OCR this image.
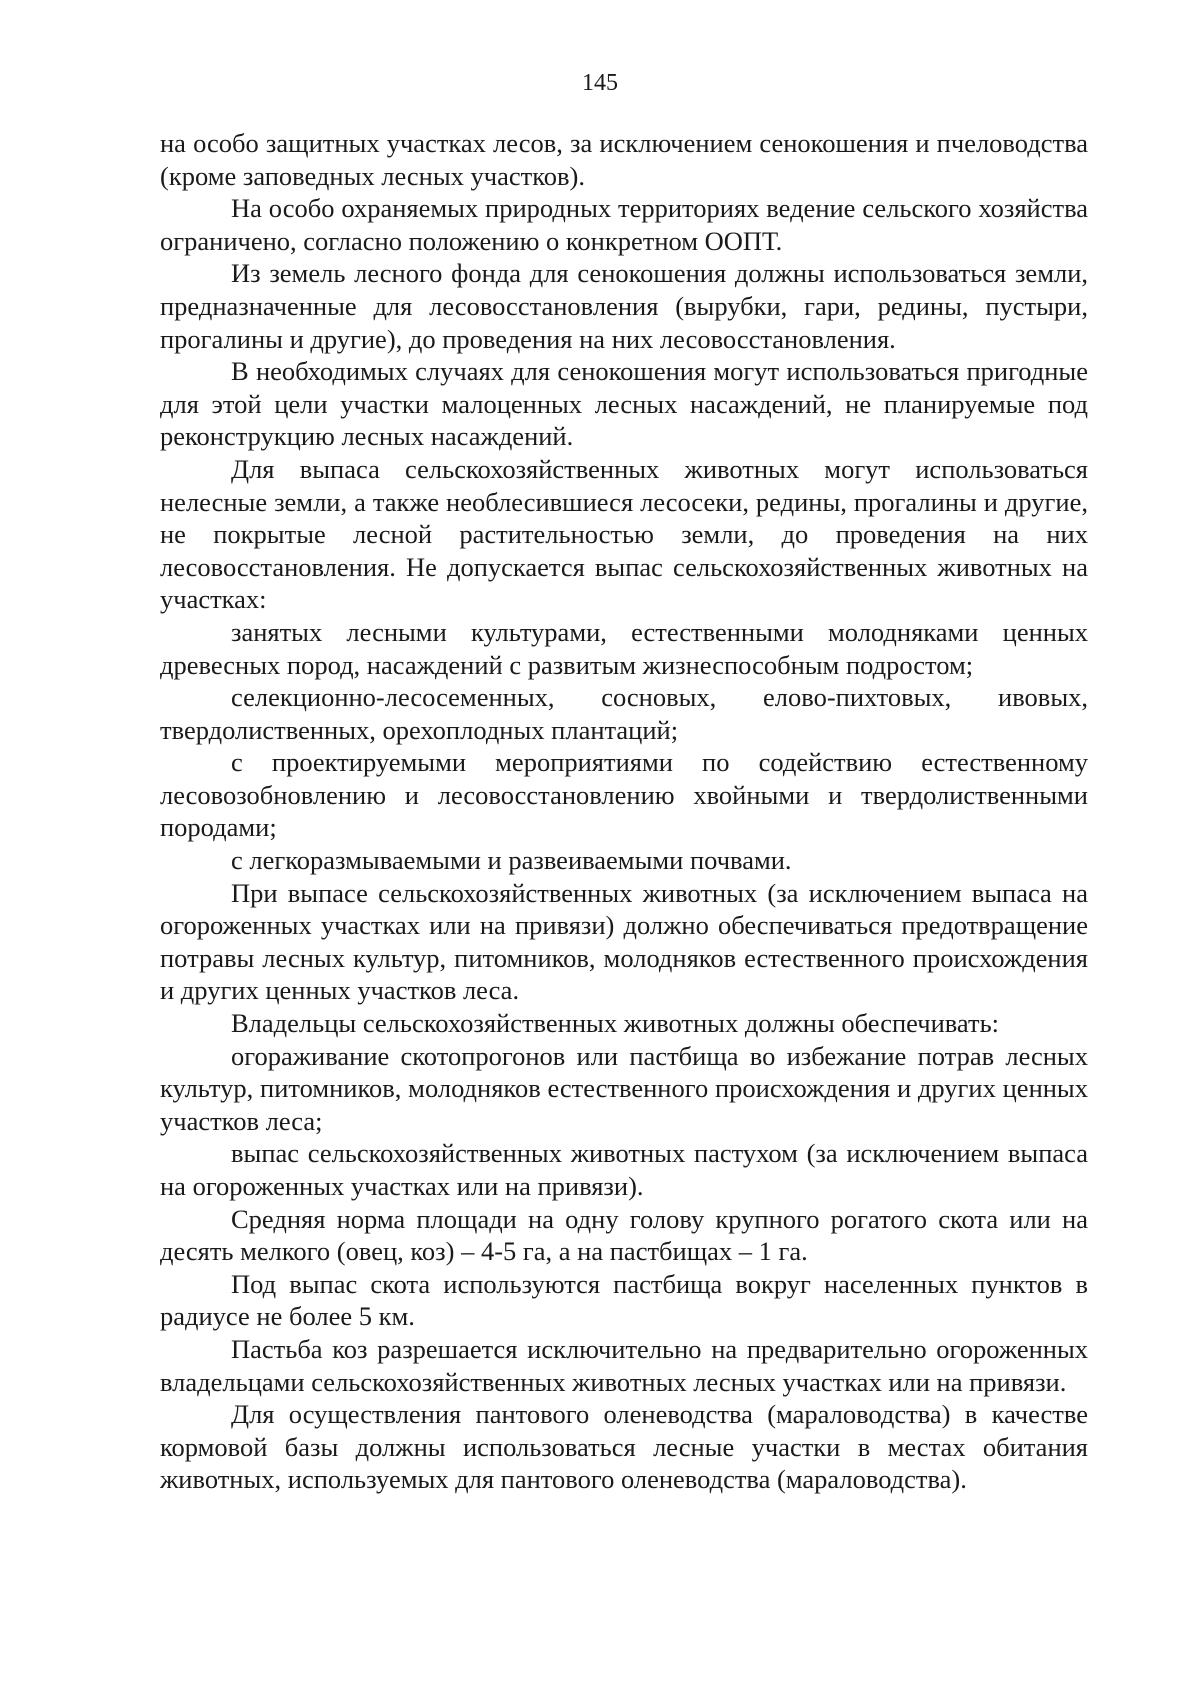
145

на особо защитных участках лесов, за исключением сенокошения и пчеловодства (кроме заповедных лесных участков).

На особо охраняемых природных территориях ведение сельского хозяйства ограничено, согласно положению о конкретном ООПТ.

Из земель лесного фонда для сенокошения должны использоваться земли, предназначенные для лесовосстановления (вырубки, гари, редины, пустыри, прогалины и другие), до проведения на них лесовосстановления.

В необходимых случаях для сенокошения могут использоваться пригодные для этой цели участки малоценных лесных насаждений, не планируемые под реконструкцию лесных насаждений.

Для выпаса сельскохозяйственных животных могут использоваться нелесные земли, а также необлесившиеся лесосеки, редины, прогалины и другие, не покрытые лесной растительностью земли, до проведения на них лесовосстановления. Не допускается выпас сельскохозяйственных животных на участках:

занятых лесными культурами, естественными молодняками ценных древесных пород, насаждений с развитым жизнеспособным подростом;

селекционно-лесосеменных, сосновых, елово-пихтовых, ивовых, твердолиственных, орехоплодных плантаций;

с проектируемыми мероприятиями по содействию естественному лесовозобновлению и лесовосстановлению хвойными и твердолиственными породами;

с легкоразмываемыми и развеиваемыми почвами.

При выпасе сельскохозяйственных животных (за исключением выпаса на огороженных участках или на привязи) должно обеспечиваться предотвращение потравы лесных культур, питомников, молодняков естественного происхождения и других ценных участков леса.

Владельцы сельскохозяйственных животных должны обеспечивать:

огораживание скотопрогонов или пастбища во избежание потрав лесных культур, питомников, молодняков естественного происхождения и других ценных участков леса;

выпас сельскохозяйственных животных пастухом (за исключением выпаса на огороженных участках или на привязи).

Средняя норма площади на одну голову крупного рогатого скота или на десять мелкого (овец, коз) – 4-5 га, а на пастбищах – 1 га.

Под выпас скота используются пастбища вокруг населенных пунктов в радиусе не более 5 км.

Пастьба коз разрешается исключительно на предварительно огороженных владельцами сельскохозяйственных животных лесных участках или на привязи.

Для осуществления пантового оленеводства (мараловодства) в качестве кормовой базы должны использоваться лесные участки в местах обитания животных, используемых для пантового оленеводства (мараловодства).
